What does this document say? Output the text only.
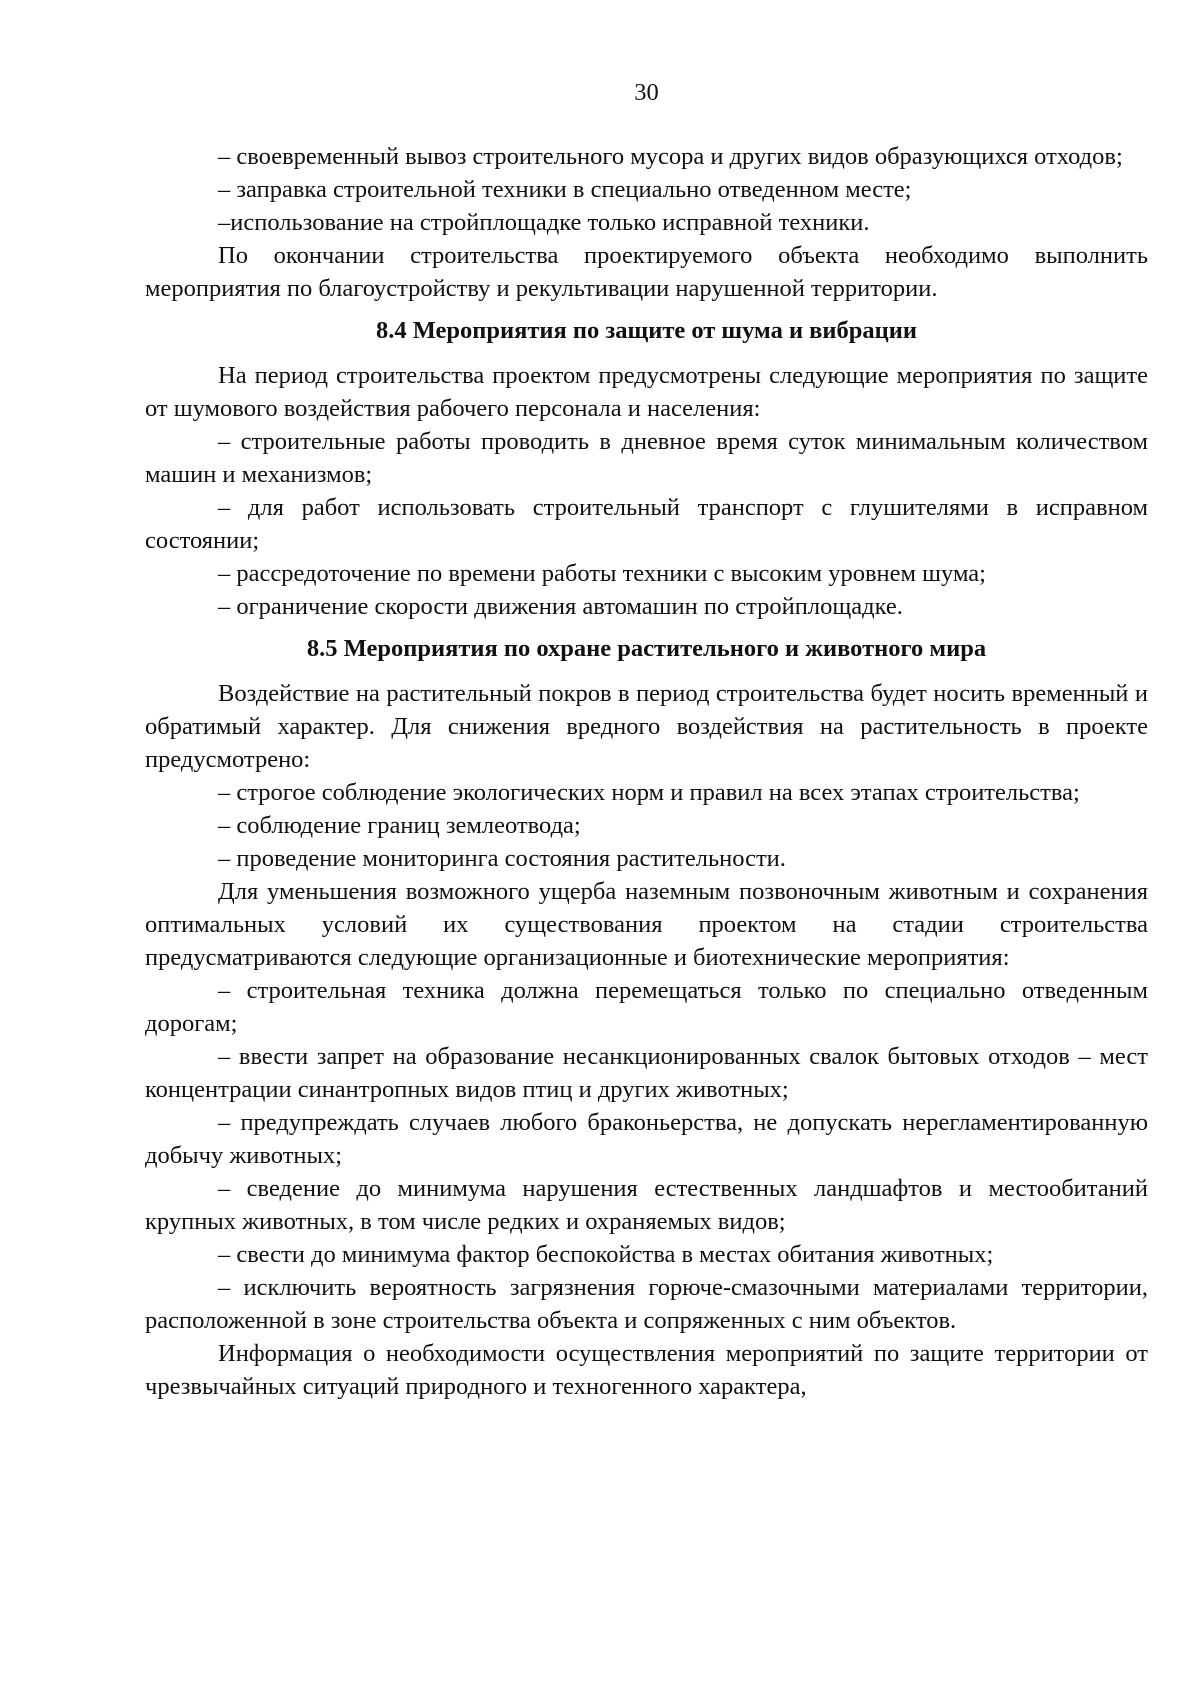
30

– своевременный вывоз строительного мусора и других видов образующихся отходов;

– заправка строительной техники в специально отведенном месте;

–использование на стройплощадке только исправной техники.

По окончании строительства проектируемого объекта необходимо выполнить мероприятия по благоустройству и рекультивации нарушенной территории.

8.4 Мероприятия по защите от шума и вибрации

На период строительства проектом предусмотрены следующие мероприятия по защите от шумового воздействия рабочего персонала и населения:

– строительные работы проводить в дневное время суток минимальным количеством машин и механизмов;

– для работ использовать строительный транспорт с глушителями в исправном состоянии;

– рассредоточение по времени работы техники с высоким уровнем шума;

– ограничение скорости движения автомашин по стройплощадке.

8.5 Мероприятия по охране растительного и животного мира

Воздействие на растительный покров в период строительства будет носить временный и обратимый характер. Для снижения вредного воздействия на растительность в проекте предусмотрено:

– строгое соблюдение экологических норм и правил на всех этапах строительства;

– соблюдение границ землеотвода;

– проведение мониторинга состояния растительности.

Для уменьшения возможного ущерба наземным позвоночным животным и сохранения оптимальных условий их существования проектом на стадии строительства предусматриваются следующие организационные и биотехнические мероприятия:

– строительная техника должна перемещаться только по специально отведенным дорогам;

– ввести запрет на образование несанкционированных свалок бытовых отходов – мест концентрации синантропных видов птиц и других животных;

– предупреждать случаев любого браконьерства, не допускать нерегламентированную добычу животных;

– сведение до минимума нарушения естественных ландшафтов и местообитаний крупных животных, в том числе редких и охраняемых видов;

– свести до минимума фактор беспокойства в местах обитания животных;

– исключить вероятность загрязнения горюче-смазочными материалами территории, расположенной в зоне строительства объекта и сопряженных с ним объектов.

Информация о необходимости осуществления мероприятий по защите территории от чрезвычайных ситуаций природного и техногенного характера,
